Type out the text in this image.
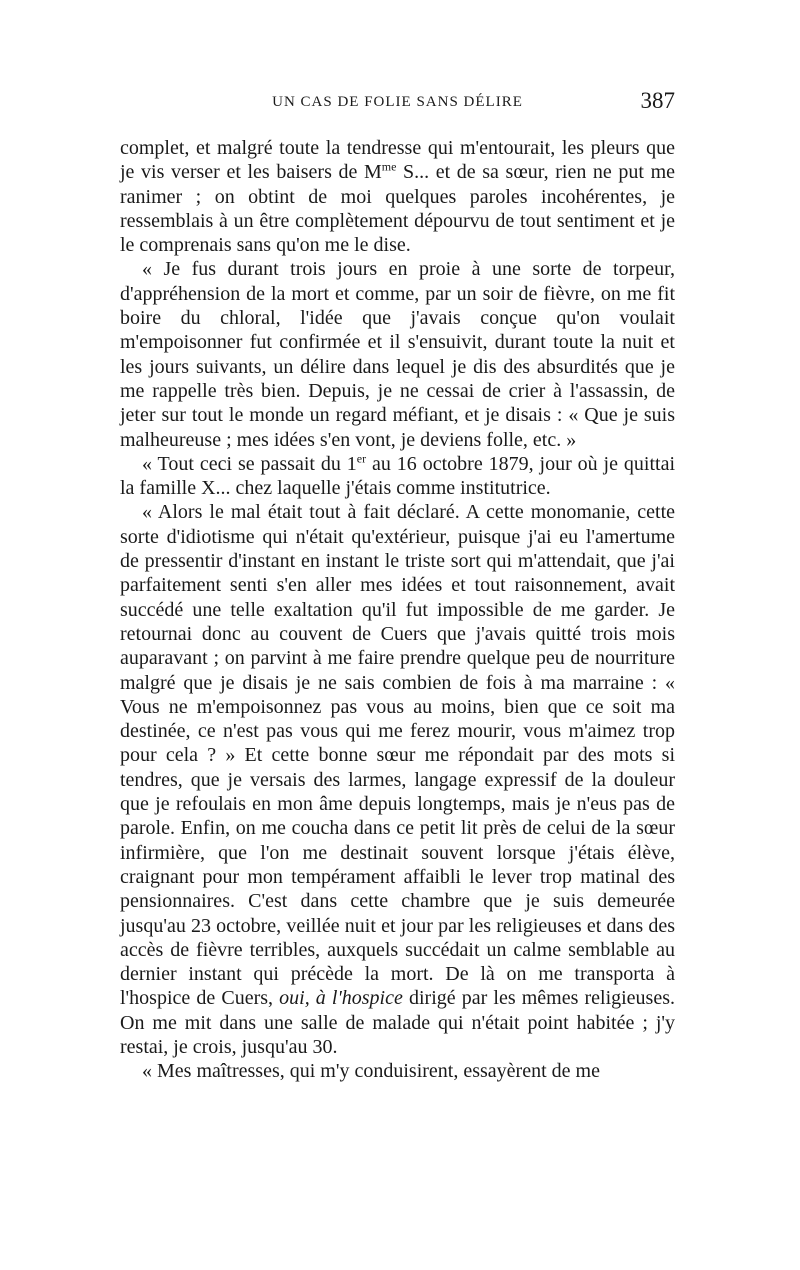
UN CAS DE FOLIE SANS DÉLIRE	387

complet, et malgré toute la tendresse qui m'entourait, les pleurs que je vis verser et les baisers de $M^{me}$ S... et de sa sœur, rien ne put me ranimer ; on obtint de moi quelques paroles incohérentes, je ressemblais à un être complètement dépourvu de tout sentiment et je le comprenais sans qu'on me le dise.

« Je fus durant trois jours en proie à une sorte de torpeur, d'appréhension de la mort et comme, par un soir de fièvre, on me fit boire du chloral, l'idée que j'avais conçue qu'on voulait m'empoisonner fut confirmée et il s'ensuivit, durant toute la nuit et les jours suivants, un délire dans lequel je dis des absurdités que je me rappelle très bien. Depuis, je ne cessai de crier à l'assassin, de jeter sur tout le monde un regard méfiant, et je disais : « Que je suis malheureuse ; mes idées s'en vont, je deviens folle, etc. »

« Tout ceci se passait du 1er au 16 octobre 1879, jour où je quittai la famille X... chez laquelle j'étais comme institutrice.

« Alors le mal était tout à fait déclaré. A cette monomanie, cette sorte d'idiotisme qui n'était qu'extérieur, puisque j'ai eu l'amertume de pressentir d'instant en instant le triste sort qui m'attendait, que j'ai parfaitement senti s'en aller mes idées et tout raisonnement, avait succédé une telle exaltation qu'il fut impossible de me garder. Je retournai donc au couvent de Cuers que j'avais quitté trois mois auparavant ; on parvint à me faire prendre quelque peu de nourriture malgré que je disais je ne sais combien de fois à ma marraine : « Vous ne m'empoisonnez pas vous au moins, bien que ce soit ma destinée, ce n'est pas vous qui me ferez mourir, vous m'aimez trop pour cela ? » Et cette bonne sœur me répondait par des mots si tendres, que je versais des larmes, langage expressif de la douleur que je refoulais en mon âme depuis longtemps, mais je n'eus pas de parole. Enfin, on me coucha dans ce petit lit près de celui de la sœur infirmière, que l'on me destinait souvent lorsque j'étais élève, craignant pour mon tempérament affaibli le lever trop matinal des pensionnaires. C'est dans cette chambre que je suis demeurée jusqu'au 23 octobre, veillée nuit et jour par les religieuses et dans des accès de fièvre terribles, auxquels succédait un calme semblable au dernier instant qui précède la mort. De là on me transporta à l'hospice de Cuers, oui, à l'hospice dirigé par les mêmes religieuses. On me mit dans une salle de malade qui n'était point habitée ; j'y restai, je crois, jusqu'au 30.

« Mes maîtresses, qui m'y conduisirent, essayèrent de me
